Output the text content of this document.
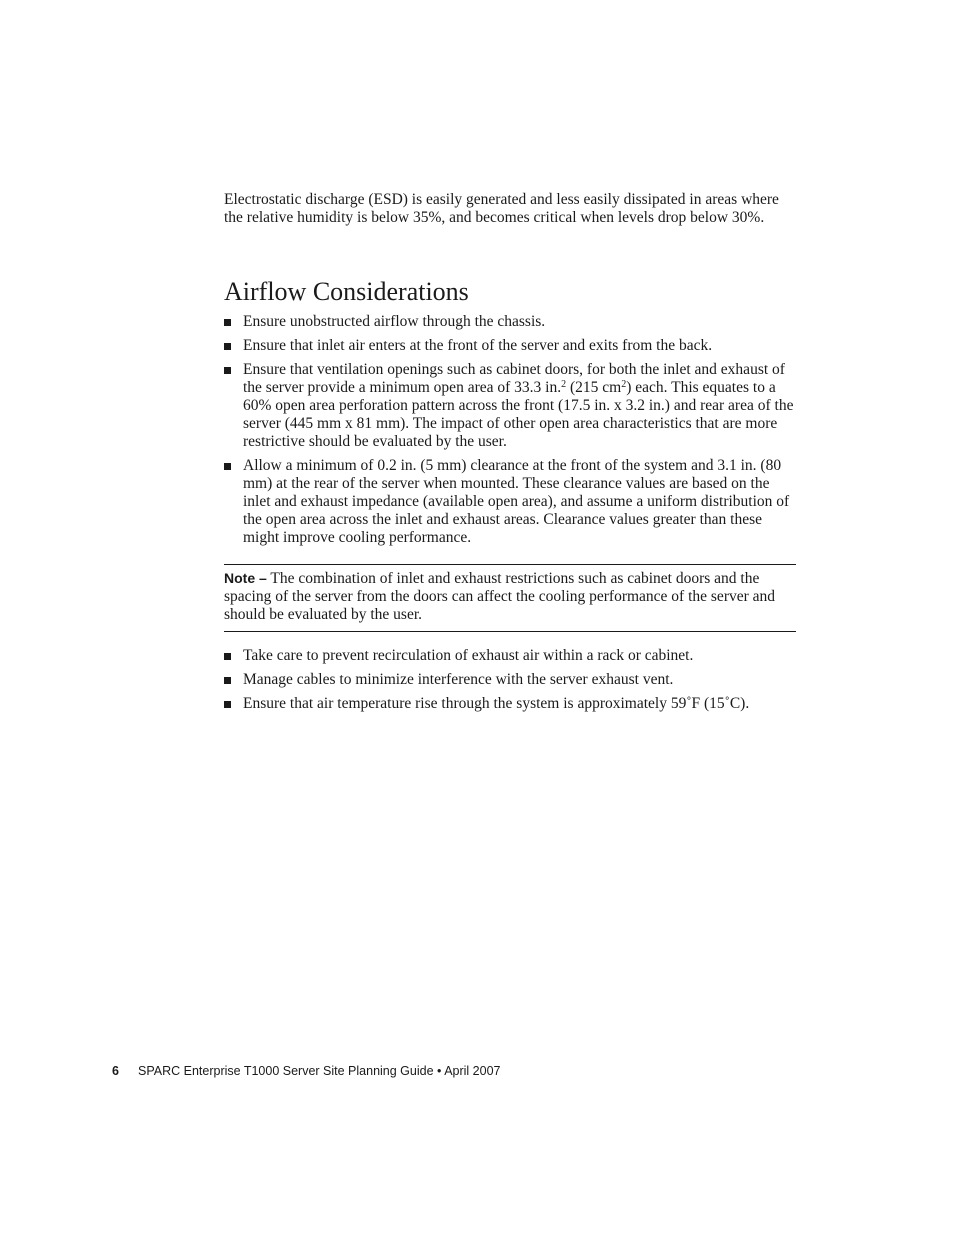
Electrostatic discharge (ESD) is easily generated and less easily dissipated in areas where the relative humidity is below 35%, and becomes critical when levels drop below 30%.

Airflow Considerations
Ensure unobstructed airflow through the chassis.
Ensure that inlet air enters at the front of the server and exits from the back.
Ensure that ventilation openings such as cabinet doors, for both the inlet and exhaust of the server provide a minimum open area of 33.3 in.$^2$ (215 $cm^2$) each. This equates to a 60% open area perforation pattern across the front (17.5 in. x 3.2 in.) and rear area of the server (445 mm x 81 mm). The impact of other open area characteristics that are more restrictive should be evaluated by the user.
Allow a minimum of 0.2 in. (5 mm) clearance at the front of the system and 3.1 in. (80 mm) at the rear of the server when mounted. These clearance values are based on the inlet and exhaust impedance (available open area), and assume a uniform distribution of the open area across the inlet and exhaust areas. Clearance values greater than these might improve cooling performance.
Note – The combination of inlet and exhaust restrictions such as cabinet doors and the spacing of the server from the doors can affect the cooling performance of the server and should be evaluated by the user.
Take care to prevent recirculation of exhaust air within a rack or cabinet.
Manage cables to minimize interference with the server exhaust vent.
Ensure that air temperature rise through the system is approximately 59˚F (15˚C).
6 SPARC Enterprise T1000 Server Site Planning Guide • April 2007
